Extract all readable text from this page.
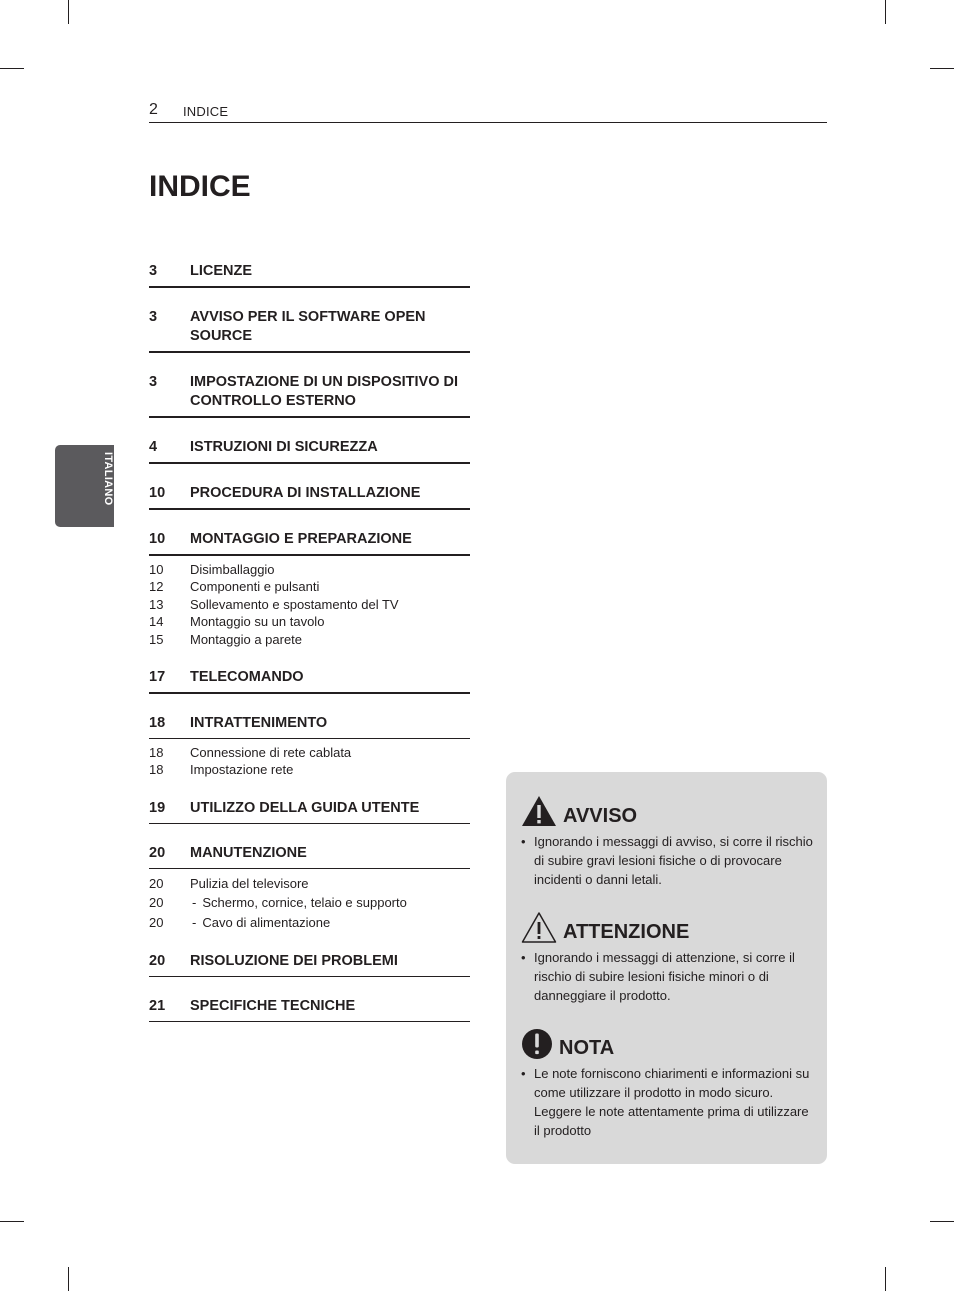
2 INDICE
INDICE
ITALIANO
3	LICENZE
3	AVVISO PER IL SOFTWARE OPEN SOURCE
3	IMPOSTAZIONE DI UN DISPOSITIVO DI CONTROLLO ESTERNO
4	ISTRUZIONI DI SICUREZZA
10	PROCEDURA DI INSTALLAZIONE
10	MONTAGGIO E PREPARAZIONE
10	Disimballaggio
12	Componenti e pulsanti
13	Sollevamento e spostamento del TV
14	Montaggio su un tavolo
15	Montaggio a parete
17	TELECOMANDO
18	INTRATTENIMENTO
18	Connessione di rete cablata
18	Impostazione rete
19	UTILIZZO DELLA GUIDA UTENTE
20	MANUTENZIONE
20	Pulizia del televisore
20	- Schermo, cornice, telaio e supporto
20	- Cavo di alimentazione
20	RISOLUZIONE DEI PROBLEMI
21	SPECIFICHE TECNICHE
AVVISO
• Ignorando i messaggi di avviso, si corre il rischio di subire gravi lesioni fisiche o di provocare incidenti o danni letali.
ATTENZIONE
• Ignorando i messaggi di attenzione, si corre il rischio di subire lesioni fisiche minori o di danneggiare il prodotto.
NOTA
• Le note forniscono chiarimenti e informazioni su come utilizzare il prodotto in modo sicuro. Leggere le note attentamente prima di utilizzare il prodotto
